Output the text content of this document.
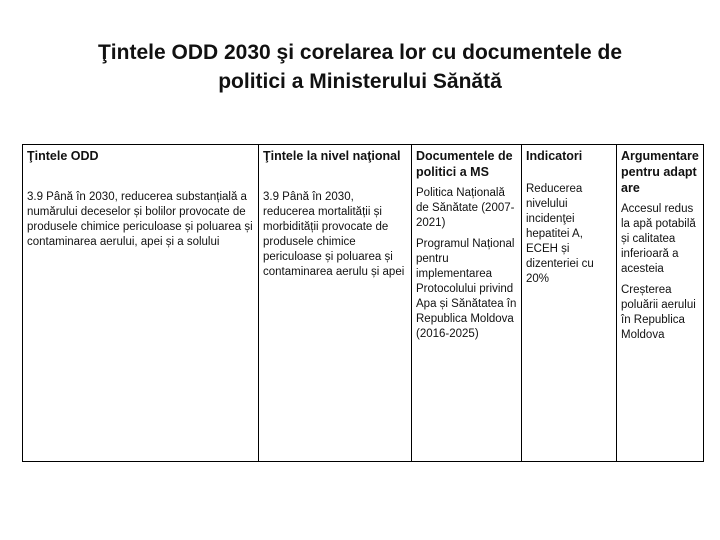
Ţintele ODD 2030 şi corelarea lor cu documentele de
politici a Ministerului Sănătă
Ţintele ODD
3.9 Până în 2030, reducerea substanțială a numărului deceselor și bolilor provocate de produsele chimice periculoase și poluarea și contaminarea aerului, apei și a solului
Ţintele la nivel naţional
3.9 Până în 2030, reducerea mortalității și morbidității provocate de produsele chimice periculoase și poluarea și contaminarea aerulu și apei
Documentele de politici a MS
Politica Națională de Sănătate (2007-2021)
Programul Național pentru implementarea Protocolului privind Apa și Sănătatea în Republica Moldova (2016-2025)
Indicatori
Reducerea nivelului incidenţei hepatitei A, ECEH și dizenteriei cu 20%
Argumentare pentru adaptare
Accesul redus la apă potabilă și calitatea inferioară a acesteia
Creșterea poluării aerului în Republica Moldova
